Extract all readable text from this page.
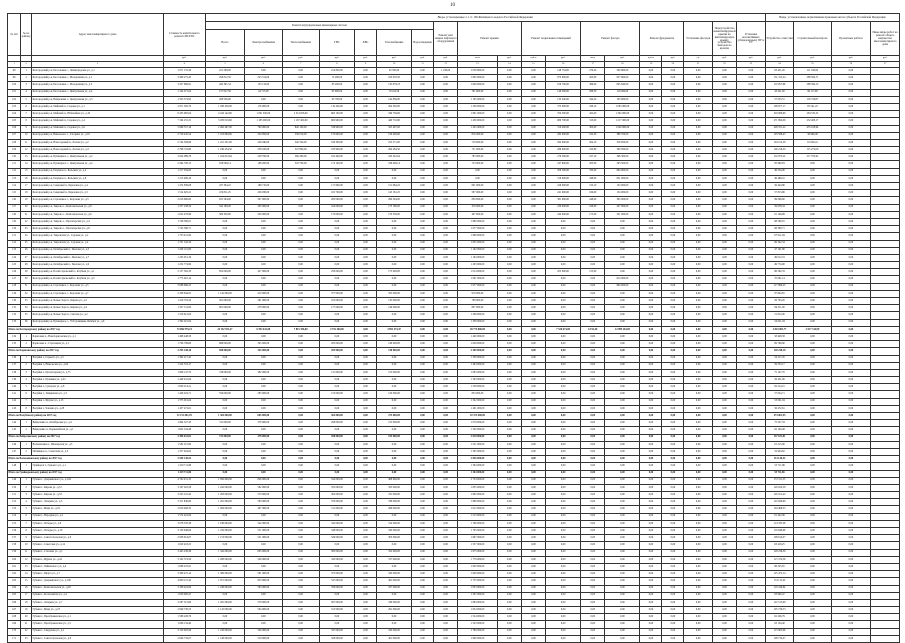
10
№ п/п	№ по району	Адрес многоквартирного дома	Стоимость капитального ремонта ВСЕГО	Виды, установленные ч.1 ст. 166 Жилищного кодекса Российской Федерации																			Виды, установленные нормативным правовым актом субъекта Российской Федерации			
				Ремонт внутридомовых инженерных систем							Ремонт или замена лифтового оборудования	Ремонт крыши		Ремонт подвальных помещений		Ремонт фасада		Ремонт фундамента		Утепление фасадов	Переустройство невентилируемой крыши на вентилируемую крышу, устройство выходов на кровлю	Установка коллективных (общедомовых) ПУ и УУ	Устройство отмостки	Строительный контроль	Проектные работы	Иные виды работ на ремонт общего имущества многоквартирного дома
				Всего	Электроснабжение	Теплоснабжение	ГВС	ХВС	Газоснабжение	Водоотведение																
			руб.	руб.	руб.	руб.	руб.	руб.	руб.	руб.	руб.	кв.м	руб.	куб.м	руб.	кв.м	руб.	куб.м	руб.	ед.	руб.	руб.	руб.	руб.	руб.	руб.
1	2	3	4	5	6	7	8	9	10	11	12	13	14	15	16	17	18	19	20	21	22	23	24	25	26	27
98	1	Белгородский р-н, Бессоновка с., Ленинградская ул., д.1	1 671 155,26	221 598,00	0,00	0,00	214 840,00	0,00	20 350,00	0,00	1 108,00	1 056 800,00	0,00	0,00	148 754,00	276,20	560 960,00	0,00	0,00	0,00	0,00	0,00	63 421,26	111 108,62	0,00	
99	2	Белгородский р-н, Бессоновка с., Молодежная ул., д.1	3 460 272,45	458 812,50	223 514,00	0,00	72 280,00	0,00	163 018,50	0,00	0,00	1 802 000,00	0,00	0,00	873 000,00	423,00	957 660,00	0,00	0,00	0,00	0,00	0,00	131 315,24	288 584,71	0,00	
100	3	Белгородский р-н, Бессоновка с., Молодежная ул., д.3	3 457 866,91	442 391,54	133 134,00	0,00	85 200,00	0,00	135 978,23	0,00	0,00	1 649 000,00	0,00	0,00	819 700,00	396,00	845 640,00	0,00	0,00	0,00	0,00	0,00	110 957,88	288 584,15	0,00	
101	4	Белгородский р-н, Бессоновка с., Центральная ул., д.4	1 144 071,04	157 027,56	44 713,00	0,00	93 900,00	0,00	18 414,56	0,00	0,00	781 600,00	0,00	0,00	146 380,00	288,30	116 094,00	0,00	0,00	0,00	0,00	0,00	43 421,82	99 117,99	0,00	
102	5	Белгородский р-н, Вейделевка с., Центральная ул., д.5	1 503 374,95	208 536,00	0,00	0,00	65 700,00	0,00	142 836,00	0,00	0,00	1 195 000,00	0,00	0,00	133 240,00	344,20	103 900,00	0,00	0,00	0,00	0,00	0,00	57 053,51	118 726,87	0,00	
103	6	Белгородский р-н, Майский п., Садовая ул., д.1	2 871 395,70	1 038 458,00	176 000,00	0,00	119 240,00	0,00	204 320,00	0,00	0,00	1 236 000,00	0,00	0,00	373 000,00	328,10	1 083 000,00	0,00	0,00	0,00	0,00	0,00	108 977,17	95 541,22	0,00	
104	7	Белгородский р-н, Майский п., Юбилейная ул., д.18	8 433 965,04	4 416 142,60	1 091 650,00	2 314 656,00	663 100,00	0,00	346 736,60	0,00	0,00	1 801 000,00	0,00	0,00	704 500,00	422,00	1 304 000,00	0,00	0,00	0,00	0,00	0,00	320 080,66	284 535,52	0,00	
105	8	Белгородский р-н, Майский п., Садовая ул., д.4	7 164 231,31	3 476 010,60	1 185 000,00	1 167 400,00	682 900,00	0,00	440 710,60	0,00	0,00	1 456 000,00	0,00	0,00	680 700,00	313,00	1 217 000,00	0,00	0,00	0,00	0,00	0,00	271 892,06	232 408,17	0,00	
106	9	Белгородский р-н, Майский п., Садовая ул., д.6	5 969 557,16	2 492 497,00	790 000,00	840 100,00	536 900,00	0,00	325 497,00	0,00	0,00	1 245 000,00	0,00	0,00	510 400,00	300,00	1 040 000,00	0,00	0,00	0,00	0,00	0,00	226 551,22	455 108,94	0,00	
107	10	Белгородский р-н, Никольское с., Гагарина ул., д.16	2 729 445,54	1 103 860,60	234 850,00	539 010,00	170 600,00	0,00	159 400,60	0,00	0,00	816 400,00	0,00	0,00	282 000,00	192,30	386 700,00	0,00	0,00	0,00	0,00	0,00	103 588,45	36 996,49	0,00	
108	11	Белгородский р-н, Новосадовый п., Лесная ул., д.2	2 744 309,99	1 221 231,00	226 040,00	540 320,00	199 300,00	0,00	255 571,00	0,00	0,00	718 000,00	0,00	0,00	292 000,00	204,10	316 950,00	0,00	0,00	0,00	0,00	0,00	104 152,58	91 926,41	0,00	
109	12	Белгородский р-н, Новосадовый п., Лесная ул., д.4	2 798 722,80	1 236 234,50	238 160,00	547 890,00	185 900,00	0,00	264 284,50	0,00	0,00	751 000,00	0,00	0,00	289 000,00	193,80	300 500,00	0,00	0,00	0,00	0,00	0,00	106 216,30	115 272,00	0,00	
110	13	Белгородский р-н, Пушкарное с., Центральная ул., д.2	2 924 089,78	1 224 812,64	228 790,00	560 280,00	192 400,00	0,00	243 342,64	0,00	0,00	785 000,00	0,00	0,00	279 300,00	197,10	306 300,00	0,00	0,00	0,00	0,00	0,00	110 973,22	217 703,92	0,00	
111	14	Белгородский р-н, Пушкарное с., Центральная ул., д.4	2 264 700,13	916 009,14	198 200,00	345 700,00	174 100,00	0,00	198 009,14	0,00	0,00	723 000,00	0,00	0,00	247 600,00	205,00	293 500,00	0,00	0,00	0,00	0,00	0,00	85 960,93	0,00	0,00	
112	15	Белгородский р-н, Разумное п., Бельгина ул., д.2	1 217 034,00	0,00	0,00	0,00	0,00	0,00	0,00	0,00	0,00	0,00	0,00	0,00	506 500,00	333,00	664 000,00	0,00	0,00	0,00	0,00	0,00	46 534,00	0,00	0,00	
113	16	Белгородский р-н, Разумное п., Бельгина ул., д.8	1 213 469,10	0,00	0,00	0,00	0,00	0,00	0,00	0,00	0,00	0,00	0,00	0,00	516 000,00	348,00	651 000,00	0,00	0,00	0,00	0,00	0,00	46 469,10	0,00	0,00	
114	17	Белгородский р-н, Северный п., Березовая ул., д.4	1 474 839,08	437 394,22	168 710,00	0,00	117 600,00	0,00	151 084,22	0,00	0,00	601 000,00	0,00	0,00	226 000,00	150,10	154 000,00	0,00	0,00	0,00	0,00	0,00	56 444,86	0,00	0,00	
115	18	Белгородский р-н, Северный п., Березовая ул., д.5	1 514 625,21	474 811,25	226 930,00	0,00	102 700,00	0,00	145 181,25	0,00	0,00	587 000,00	0,00	0,00	241 000,00	166,00	154 000,00	0,00	0,00	0,00	0,00	0,00	57 813,96	0,00	0,00	
116	19	Белгородский р-н, Стрелецкое с., Королева ул., д.3	2 616 690,60	931 594,00	347 000,00	0,00	285 000,00	0,00	299 594,00	0,00	0,00	839 000,00	0,00	0,00	381 000,00	248,00	365 000,00	0,00	0,00	0,00	0,00	0,00	99 096,60	0,00	0,00	
117	20	Белгородский р-н, Таврово с., Комсомольская ул., д.8	1 557 238,34	542 180,00	205 000,00	0,00	164 000,00	0,00	173 180,00	0,00	0,00	479 000,00	0,00	0,00	230 000,00	168,00	247 000,00	0,00	0,00	0,00	0,00	0,00	59 058,34	0,00	0,00	
118	21	Белгородский р-н, Таврово с., Комсомольская ул., д.6	1 622 476,99	569 330,00	220 000,00	0,00	170 000,00	0,00	179 330,00	0,00	0,00	497 000,00	0,00	0,00	244 000,00	175,00	251 000,00	0,00	0,00	0,00	0,00	0,00	61 146,99	0,00	0,00	
119	22	Белгородский р-н, Таврово с., Пролетарская ул., д.4	1 748 560,01	0,00	0,00	0,00	0,00	0,00	0,00	0,00	0,00	1 680 000,00	0,00	0,00	0,00	0,00	0,00	0,00	0,00	0,00	0,00	0,00	68 560,01	0,00	0,00	
120	23	Белгородский р-н, Таврово с., Пролетарская ул., д.6	1 745 380,71	0,00	0,00	0,00	0,00	0,00	0,00	0,00	0,00	1 677 000,00	0,00	0,00	0,00	0,00	0,00	0,00	0,00	0,00	0,00	0,00	68 380,71	0,00	0,00	
121	24	Белгородский р-н, Тавровская ул., Садовая ул., д.2	1 735 911,84	0,00	0,00	0,00	0,00	0,00	0,00	0,00	0,00	1 668 000,00	0,00	0,00	0,00	0,00	0,00	0,00	0,00	0,00	0,00	0,00	67 911,84	0,00	0,00	
122	25	Белгородский р-н, Тавровская ул., Садовая ул., д.4	1 701 342,34	0,00	0,00	0,00	0,00	0,00	0,00	0,00	0,00	1 635 000,00	0,00	0,00	0,00	0,00	0,00	0,00	0,00	0,00	0,00	0,00	66 342,34	0,00	0,00	
123	26	Белгородский р-н, Октябрьский п., Чкалова ул., д.5	1 209 101,80	0,00	0,00	0,00	0,00	0,00	0,00	0,00	0,00	1 162 000,00	0,00	0,00	0,00	0,00	0,00	0,00	0,00	0,00	0,00	0,00	47 101,80	0,00	0,00	
124	27	Белгородский р-н, Октябрьский п., Чкалова ул., д.7	1 243 012,19	0,00	0,00	0,00	0,00	0,00	0,00	0,00	0,00	1 194 000,00	0,00	0,00	0,00	0,00	0,00	0,00	0,00	0,00	0,00	0,00	49 012,19	0,00	0,00	
125	28	Белгородский р-н, Октябрьский п., Чкалова ул., д.9	1 252 774,90	0,00	0,00	0,00	0,00	0,00	0,00	0,00	0,00	1 203 000,00	0,00	0,00	0,00	0,00	0,00	0,00	0,00	0,00	0,00	0,00	49 774,90	0,00	0,00	
126	29	Белгородский р-н, Политотдельский п., Клубная ул., д.1	2 157 562,33	852 000,00	427 000,00	0,00	250 000,00	0,00	175 000,00	0,00	0,00	1 014 000,00	0,00	0,00	205 000,00	155,00	0,00	0,00	0,00	0,00	0,00	0,00	86 562,33	0,00	0,00	
127	30	Белгородский р-н, Политотдельский п., Клубная ул., д.3	1 775 091,14	0,00	0,00	0,00	0,00	0,00	0,00	0,00	0,00	1 091 000,00	0,00	0,00	0,00	0,00	614 000,00	0,00	0,00	0,00	0,00	0,00	70 091,14	0,00	0,00	
128	31	Белгородский р-н, Стрелецкое с., Королева ул., д.5	3 088 866,25	0,00	0,00	0,00	0,00	0,00	0,00	0,00	0,00	1 977 000,00	0,00	0,00	0,00	0,00	994 000,00	0,00	0,00	0,00	0,00	0,00	117 866,25	0,00	0,00	
129	32	Белгородский р-н, Стрелецкое с., Королева ул., д.7	2 208 844,81	1 142 000,00	410 000,00	0,00	377 000,00	0,00	355 000,00	0,00	0,00	979 000,00	0,00	0,00	0,00	0,00	0,00	0,00	0,00	0,00	0,00	0,00	87 844,81	0,00	0,00	
130	33	Белгородский р-н, Ясные Зори п., Кирова ул., д.2	1 419 703,20	561 000,00	261 000,00	0,00	165 000,00	0,00	135 000,00	0,00	0,00	768 000,00	0,00	0,00	0,00	0,00	0,00	0,00	0,00	0,00	0,00	0,00	56 703,20	0,00	0,00	
131	34	Белгородский р-н, Ясные Зори п., Кирова ул., д.4	1 507 311,00	601 000,00	278 000,00	0,00	177 000,00	0,00	146 000,00	0,00	0,00	807 000,00	0,00	0,00	0,00	0,00	0,00	0,00	0,00	0,00	0,00	0,00	99 311,00	0,00	0,00	
132	35	Белгородский р-н, Ясные Зори п., Светлая ул., д.2	1 319 812,00	0,00	0,00	0,00	0,00	0,00	0,00	0,00	0,00	1 268 000,00	0,00	0,00	0,00	0,00	0,00	0,00	0,00	0,00	0,00	0,00	51 812,00	0,00	0,00	
133	36	Белгородский р-н, Пушкарное с., 70-Годовщины Октября ул., д.6	1 392 021,04	0,00	0,00	0,00	0,00	0,00	0,00	0,00	0,00	1 338 000,00	0,00	0,00	0,00	0,00	0,00	0,00	0,00	0,00	0,00	0,00	54 021,04	0,00	0,00	
Итого по Белгородскому району на 2017 год			74 856 979,24	24 152 931,47	6 592 641,00	7 815 356,00	4 752 460,00	0,00	4 992 474,47	0,00	0,00	38 773 800,00	0,00	0,00	7 530 674,00	6 193,40	12 899 204,00	0,00	0,00	0,00	0,00	0,00	2 843 003,77	3 017 314,99	0,00	
134	1	Борисовка п., Новоборисовская ул., д.1	1 498 448,58	0,00	0,00	0,00	0,00	0,00	0,00	0,00	0,00	1 440 000,00	0,00	0,00	0,00	0,00	0,00	0,00	0,00	0,00	0,00	0,00	58 448,58	0,00	0,00	
135	2	Борисовка п., Стрелецкая ул., д.1	1 796 799,60	698 000,00	345 000,00	0,00	205 000,00	0,00	148 000,00	0,00	0,00	1 029 000,00	0,00	0,00	0,00	0,00	0,00	0,00	0,00	0,00	0,00	0,00	69 799,60	0,00	0,00	
Итого по Борисовскому району на 2017 год			3 295 248,18	698 000,00	345 000,00	0,00	205 000,00	0,00	148 000,00	0,00	0,00	2 469 000,00	0,00	0,00	0,00	0,00	0,00	0,00	0,00	0,00	0,00	0,00	128 248,18	0,00	0,00	
136	1	Валуйки г., Горького ул., д.5	1 392 217,45	0,00	0,00	0,00	0,00	0,00	0,00	0,00	0,00	1 338 000,00	0,00	0,00	0,00	0,00	0,00	0,00	0,00	0,00	0,00	0,00	54 217,45	0,00	0,00	
137	2	Валуйки г., Никольская ул., д.94	1 522 553,17	0,00	0,00	0,00	0,00	0,00	0,00	0,00	0,00	1 463 000,00	0,00	0,00	0,00	0,00	0,00	0,00	0,00	0,00	0,00	0,00	59 553,17	0,00	0,00	
138	3	Валуйки г., Пролетарская ул., д.75	1 908 147,70	748 000,00	382 000,00	0,00	211 000,00	0,00	155 000,00	0,00	0,00	1 085 000,00	0,00	0,00	0,00	0,00	0,00	0,00	0,00	0,00	0,00	0,00	75 147,70	0,00	0,00	
139	4	Валуйки г., Пушкина ул., д.22	1 449 431,06	0,00	0,00	0,00	0,00	0,00	0,00	0,00	0,00	1 393 000,00	0,00	0,00	0,00	0,00	0,00	0,00	0,00	0,00	0,00	0,00	56 431,06	0,00	0,00	
140	5	Валуйки г., Суворова ул., д.8	1 600 214,21	0,00	0,00	0,00	0,00	0,00	0,00	0,00	0,00	1 538 000,00	0,00	0,00	0,00	0,00	0,00	0,00	0,00	0,00	0,00	0,00	62 214,21	0,00	0,00	
141	6	Валуйки г., Тимирязева ул., д.3	1 446 024,71	556 000,00	283 000,00	0,00	153 000,00	0,00	120 000,00	0,00	0,00	833 000,00	0,00	0,00	0,00	0,00	0,00	0,00	0,00	0,00	0,00	0,00	57 024,71	0,00	0,00	
142	7	Валуйки г., Фрунзе ул., д.13	1 375 001,04	0,00	0,00	0,00	0,00	0,00	0,00	0,00	0,00	1 322 000,00	0,00	0,00	0,00	0,00	0,00	0,00	0,00	0,00	0,00	0,00	53 001,04	0,00	0,00	
143	8	Валуйки г., Чапаева ул., д.28	1 457 472,61	0,00	0,00	0,00	0,00	0,00	0,00	0,00	0,00	1 401 000,00	0,00	0,00	0,00	0,00	0,00	0,00	0,00	0,00	0,00	0,00	56 472,61	0,00	0,00	
Итого по Валуйскому району на 2017 год			12 151 061,95	1 304 000,00	665 000,00	0,00	364 000,00	0,00	275 000,00	0,00	0,00	10 373 000,00	0,00	0,00	0,00	0,00	0,00	0,00	0,00	0,00	0,00	0,00	474 061,95	0,00	0,00	
144	1	Вейделевка п., Октябрьская ул., д.4	1 894 527,33	741 000,00	378 000,00	0,00	208 000,00	0,00	155 000,00	0,00	0,00	1 078 000,00	0,00	0,00	0,00	0,00	0,00	0,00	0,00	0,00	0,00	0,00	75 527,33	0,00	0,00	
145	2	Вейделевка п., Первомайская ул., д.1	1 602 104,48	0,00	0,00	0,00	0,00	0,00	0,00	0,00	0,00	1 540 000,00	0,00	0,00	0,00	0,00	0,00	0,00	0,00	0,00	0,00	0,00	62 104,48	0,00	0,00	
Итого по Вейделевскому району на 2017 год			3 496 631,81	741 000,00	378 000,00	0,00	208 000,00	0,00	155 000,00	0,00	0,00	2 618 000,00	0,00	0,00	0,00	0,00	0,00	0,00	0,00	0,00	0,00	0,00	137 631,81	0,00	0,00	
146	1	Волоконовка п., Пионерская ул., д.5	1 582 215,90	0,00	0,00	0,00	0,00	0,00	0,00	0,00	0,00	1 521 000,00	0,00	0,00	0,00	0,00	0,00	0,00	0,00	0,00	0,00	0,00	61 215,90	0,00	0,00	
147	2	Пятницкое п., Советская ул., д.3	1 357 924,62	0,00	0,00	0,00	0,00	0,00	0,00	0,00	0,00	1 305 000,00	0,00	0,00	0,00	0,00	0,00	0,00	0,00	0,00	0,00	0,00	52 924,62	0,00	0,00	
Итого по Волоконовскому району на 2017 год			2 940 140,52	0,00	0,00	0,00	0,00	0,00	0,00	0,00	0,00	2 826 000,00	0,00	0,00	0,00	0,00	0,00	0,00	0,00	0,00	0,00	0,00	114 140,52	0,00	0,00	
148	1	Грайворон г., Горького ул., д.1	1 419 711,86	0,00	0,00	0,00	0,00	0,00	0,00	0,00	0,00	1 364 000,00	0,00	0,00	0,00	0,00	0,00	0,00	0,00	0,00	0,00	0,00	55 711,86	0,00	0,00	
Итого по Грайворонскому району на 2017 год			1 419 711,86	0,00	0,00	0,00	0,00	0,00	0,00	0,00	0,00	1 364 000,00	0,00	0,00	0,00	0,00	0,00	0,00	0,00	0,00	0,00	0,00	55 711,86	0,00	0,00	
149	1	Губкин г., Дзержинского ул., д.104	4 762 911,35	1 856 600,00	826 000,00	0,00	542 000,00	0,00	488 600,00	0,00	0,00	2 734 000,00	0,00	0,00	0,00	0,00	0,00	0,00	0,00	0,00	0,00	0,00	172 311,35	0,00	0,00	
150	2	Губкин г., Кирова ул., д.51	3 197 022,58	1 242 000,00	562 000,00	0,00	355 000,00	0,00	325 000,00	0,00	0,00	1 835 000,00	0,00	0,00	0,00	0,00	0,00	0,00	0,00	0,00	0,00	0,00	120 022,58	0,00	0,00	
151	3	Губкин г., Кирова ул., д.53	3 245 101,42	1 263 000,00	570 000,00	0,00	362 000,00	0,00	331 000,00	0,00	0,00	1 862 000,00	0,00	0,00	0,00	0,00	0,00	0,00	0,00	0,00	0,00	0,00	120 101,42	0,00	0,00	
152	4	Губкин г., Лазарева ул., д.3	3 311 840,69	1 291 000,00	583 000,00	0,00	370 000,00	0,00	338 000,00	0,00	0,00	1 898 000,00	0,00	0,00	0,00	0,00	0,00	0,00	0,00	0,00	0,00	0,00	122 840,69	0,00	0,00	
153	5	Губкин г., Мира ул., д.19	2 810 468,35	1 094 000,00	497 000,00	0,00	311 000,00	0,00	286 000,00	0,00	0,00	1 612 000,00	0,00	0,00	0,00	0,00	0,00	0,00	0,00	0,00	0,00	0,00	104 468,35	0,00	0,00	
154	6	Губкин г., Народная ул., д.2	1 574 422,06	0,00	0,00	0,00	0,00	0,00	0,00	0,00	0,00	1 513 000,00	0,00	0,00	0,00	0,00	0,00	0,00	0,00	0,00	0,00	0,00	61 422,06	0,00	0,00	
155	7	Губкин г., Победы ул., д.8	3 078 335,38	1 198 000,00	542 000,00	0,00	342 000,00	0,00	314 000,00	0,00	0,00	1 766 000,00	0,00	0,00	0,00	0,00	0,00	0,00	0,00	0,00	0,00	0,00	114 335,38	0,00	0,00	
156	8	Губкин г., Победы ул., д.10	3 130 648,66	1 219 000,00	551 000,00	0,00	348 000,00	0,00	320 000,00	0,00	0,00	1 795 000,00	0,00	0,00	0,00	0,00	0,00	0,00	0,00	0,00	0,00	0,00	116 648,66	0,00	0,00	
157	9	Губкин г., Севастопольская ул., д.6	2 958 914,07	1 153 000,00	521 000,00	0,00	329 000,00	0,00	303 000,00	0,00	0,00	1 697 000,00	0,00	0,00	0,00	0,00	0,00	0,00	0,00	0,00	0,00	0,00	108 914,07	0,00	0,00	
158	10	Губкин г., Советская ул., д.14	1 620 418,25	0,00	0,00	0,00	0,00	0,00	0,00	0,00	0,00	1 557 000,00	0,00	0,00	0,00	0,00	0,00	0,00	0,00	0,00	0,00	0,00	63 418,25	0,00	0,00	
159	11	Губкин г., Стасенко ул., д.1	3 445 236,36	1 342 000,00	605 000,00	0,00	385 000,00	0,00	352 000,00	0,00	0,00	1 975 000,00	0,00	0,00	0,00	0,00	0,00	0,00	0,00	0,00	0,00	0,00	128 236,36	0,00	0,00	
160	12	Губкин г., Фрунзе ул., д.24	3 102 574,56	1 208 000,00	546 000,00	0,00	345 000,00	0,00	317 000,00	0,00	0,00	1 779 000,00	0,00	0,00	0,00	0,00	0,00	0,00	0,00	0,00	0,00	0,00	115 574,56	0,00	0,00	
161	13	Губкин г., Чайковского ул., д.4	1 686 225,81	0,00	0,00	0,00	0,00	0,00	0,00	0,00	0,00	1 620 000,00	0,00	0,00	0,00	0,00	0,00	0,00	0,00	0,00	0,00	0,00	66 225,81	0,00	0,00	
162	14	Губкин г., Щорса ул., д.7	3 360 472,14	1 309 000,00	591 000,00	0,00	375 000,00	0,00	343 000,00	0,00	0,00	1 926 000,00	0,00	0,00	0,00	0,00	0,00	0,00	0,00	0,00	0,00	0,00	125 472,14	0,00	0,00	
163	15	Губкин г., Дзержинского ул., д.106	4 800 115,42	1 871 000,00	833 000,00	0,00	547 000,00	0,00	491 000,00	0,00	0,00	2 755 000,00	0,00	0,00	0,00	0,00	0,00	0,00	0,00	0,00	0,00	0,00	174 115,42	0,00	0,00	
164	16	Губкин г., Комсомольская ул., д.29	3 198 416,84	1 246 000,00	563 000,00	0,00	356 000,00	0,00	327 000,00	0,00	0,00	1 833 000,00	0,00	0,00	0,00	0,00	0,00	0,00	0,00	0,00	0,00	0,00	119 416,84	0,00	0,00	
165	17	Губкин г., Космонавтов ул., д.4	1 630 900,47	0,00	0,00	0,00	0,00	0,00	0,00	0,00	0,00	1 567 000,00	0,00	0,00	0,00	0,00	0,00	0,00	0,00	0,00	0,00	0,00	63 900,47	0,00	0,00	
166	18	Губкин г., Лазарева ул., д.7	3 287 515,69	1 281 000,00	578 000,00	0,00	367 000,00	0,00	336 000,00	0,00	0,00	1 884 000,00	0,00	0,00	0,00	0,00	0,00	0,00	0,00	0,00	0,00	0,00	122 515,69	0,00	0,00	
167	19	Губкин г., Мира ул., д.23	2 849 730,53	1 110 000,00	504 000,00	0,00	315 000,00	0,00	291 000,00	0,00	0,00	1 634 000,00	0,00	0,00	0,00	0,00	0,00	0,00	0,00	0,00	0,00	0,00	105 730,53	0,00	0,00	
168	20	Губкин г., Преображенская ул., д.1	1 586 226,79	0,00	0,00	0,00	0,00	0,00	0,00	0,00	0,00	1 524 000,00	0,00	0,00	0,00	0,00	0,00	0,00	0,00	0,00	0,00	0,00	62 226,79	0,00	0,00	
169	21	Губкин г., Преображенская ул., д.5	1 606 134,40	0,00	0,00	0,00	0,00	0,00	0,00	0,00	0,00	1 543 000,00	0,00	0,00	0,00	0,00	0,00	0,00	0,00	0,00	0,00	0,00	63 134,40	0,00	0,00	
170	22	Губкин г., Свердлова ул., д.2	3 120 905,96	1 216 000,00	549 000,00	0,00	347 000,00	0,00	320 000,00	0,00	0,00	1 789 000,00	0,00	0,00	0,00	0,00	0,00	0,00	0,00	0,00	0,00	0,00	115 905,96	0,00	0,00	
171	23	Губкин г., Севастопольская ул., д.8	2 946 732,07	1 148 000,00	519 000,00	0,00	328 000,00	0,00	301 000,00	0,00	0,00	1 690 000,00	0,00	0,00	0,00	0,00	0,00	0,00	0,00	0,00	0,00	0,00	108 732,07	0,00	0,00	
